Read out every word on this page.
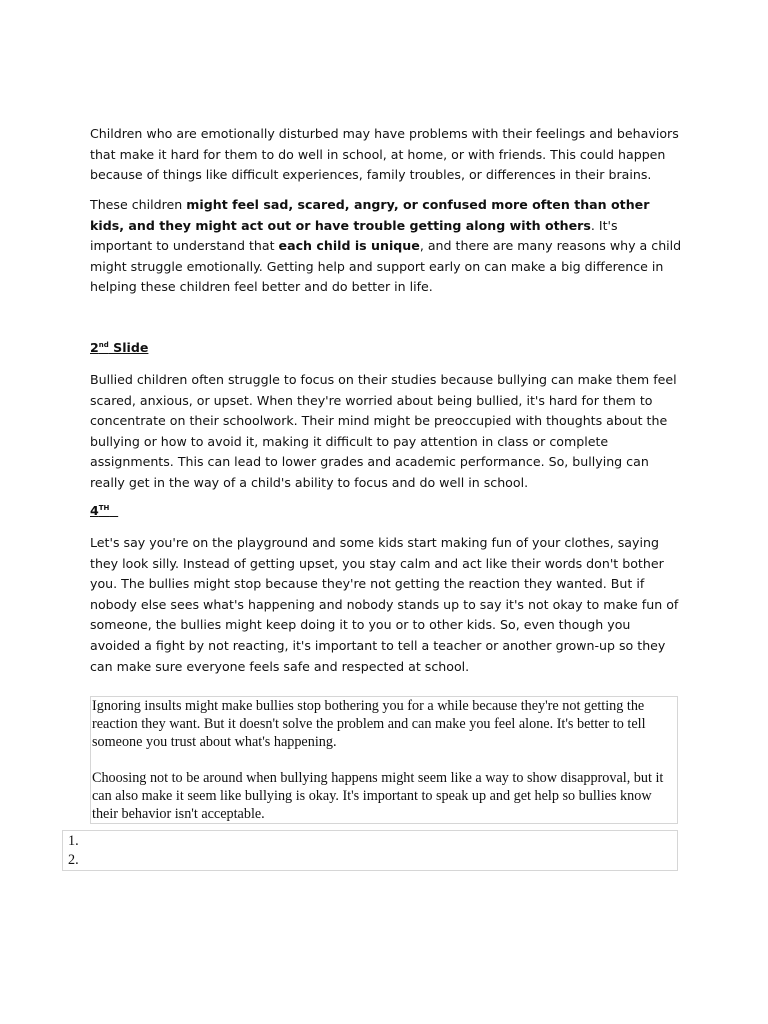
Children who are emotionally disturbed may have problems with their feelings and behaviors that make it hard for them to do well in school, at home, or with friends. This could happen because of things like difficult experiences, family troubles, or differences in their brains.

These children might feel sad, scared, angry, or confused more often than other kids, and they might act out or have trouble getting along with others. It's important to understand that each child is unique, and there are many reasons why a child might struggle emotionally. Getting help and support early on can make a big difference in helping these children feel better and do better in life.

2nd Slide

Bullied children often struggle to focus on their studies because bullying can make them feel scared, anxious, or upset. When they're worried about being bullied, it's hard for them to concentrate on their schoolwork. Their mind might be preoccupied with thoughts about the bullying or how to avoid it, making it difficult to pay attention in class or complete assignments. This can lead to lower grades and academic performance. So, bullying can really get in the way of a child's ability to focus and do well in school.

4TH

Let's say you're on the playground and some kids start making fun of your clothes, saying they look silly. Instead of getting upset, you stay calm and act like their words don't bother you. The bullies might stop because they're not getting the reaction they wanted. But if nobody else sees what's happening and nobody stands up to say it's not okay to make fun of someone, the bullies might keep doing it to you or to other kids. So, even though you avoided a fight by not reacting, it's important to tell a teacher or another grown-up so they can make sure everyone feels safe and respected at school.

Ignoring insults might make bullies stop bothering you for a while because they're not getting the reaction they want. But it doesn't solve the problem and can make you feel alone. It's better to tell someone you trust about what's happening.

Choosing not to be around when bullying happens might seem like a way to show disapproval, but it can also make it seem like bullying is okay. It's important to speak up and get help so bullies know their behavior isn't acceptable.

1.
2.
